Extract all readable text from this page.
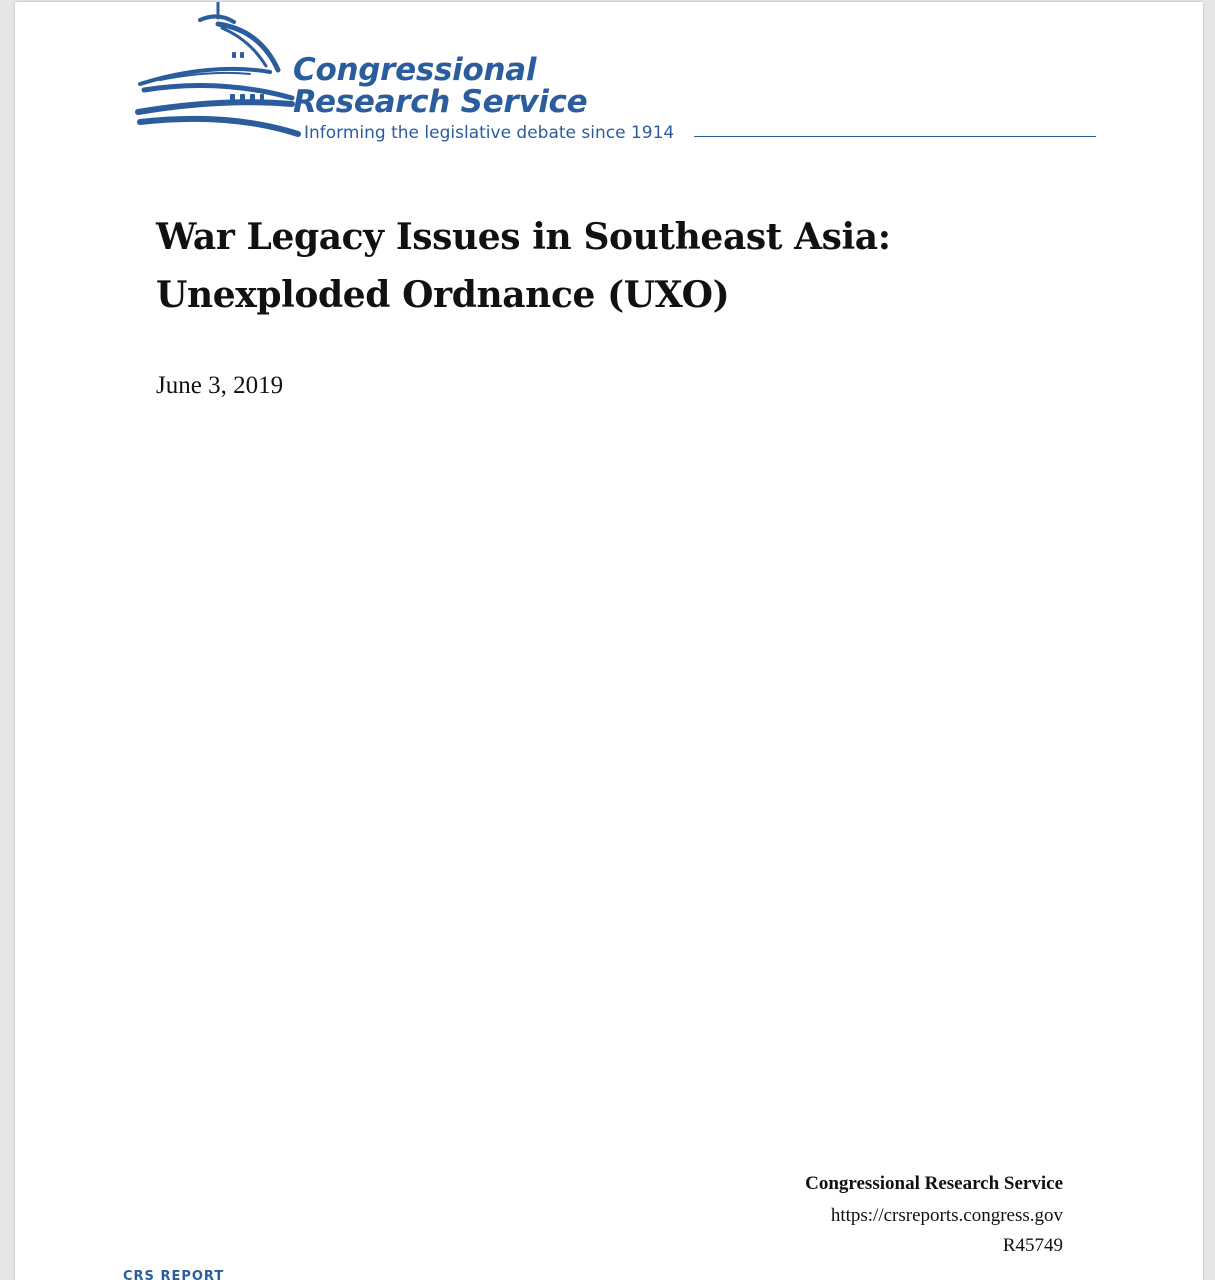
Congressional
Research Service
Informing the legislative debate since 1914
War Legacy Issues in Southeast Asia:
Unexploded Ordnance (UXO)
June 3, 2019
Congressional Research Service
https://crsreports.congress.gov
R45749
CRS REPORT
